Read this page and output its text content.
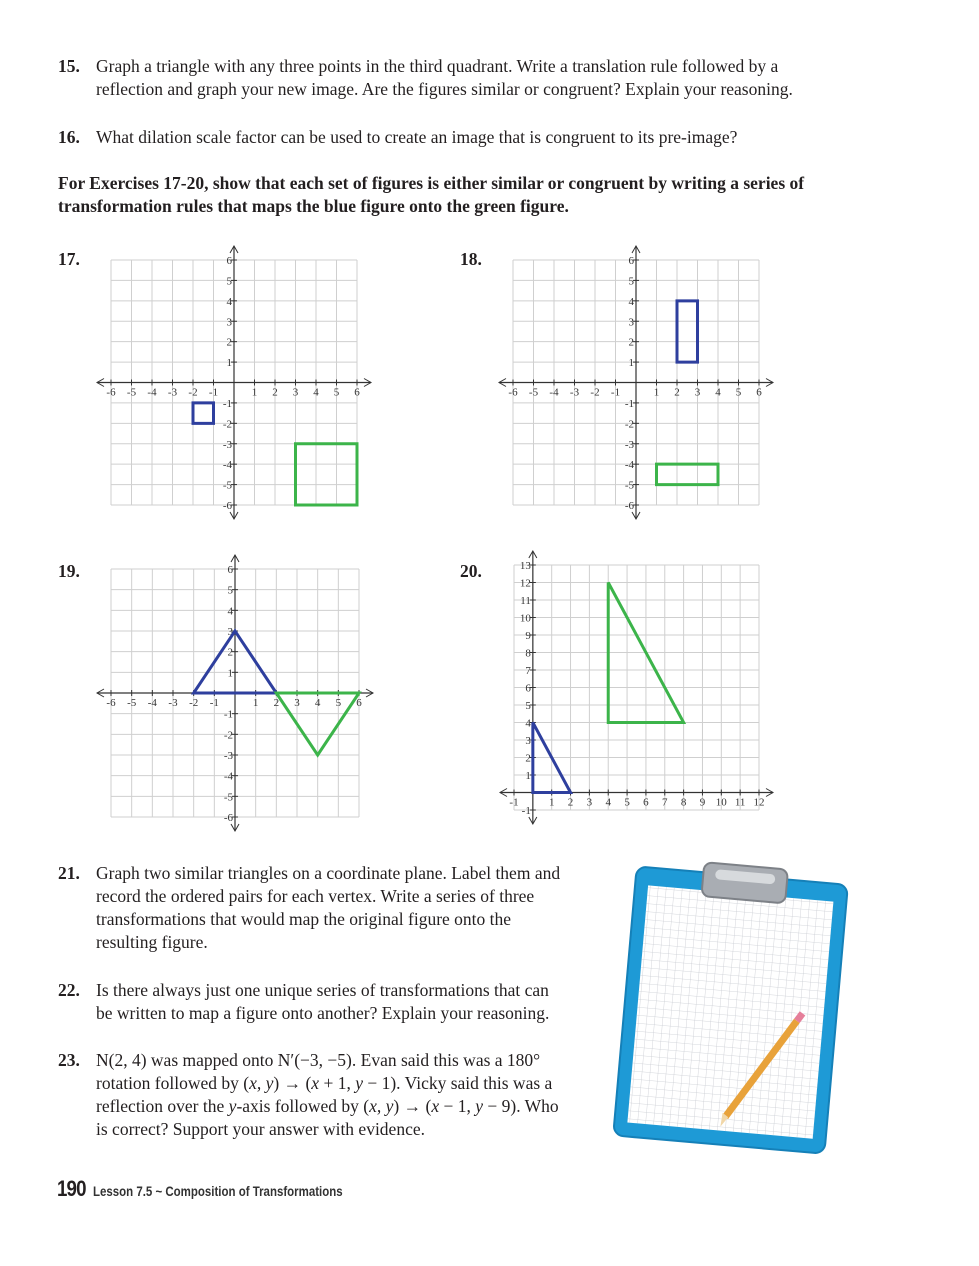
15. Graph a triangle with any three points in the third quadrant. Write a translation rule followed by a
reflection and graph your new image. Are the figures similar or congruent? Explain your reasoning.
16. What dilation scale factor can be used to create an image that is congruent to its pre-image?
For Exercises 17-20, show that each set of figures is either similar or congruent by writing a series of
transformation rules that maps the blue figure onto the green figure.
17.	18.
19.	20.
-6 -5 -4 -3 -2 -1	1 2 3 4 5 6
-6
-5
-4
-3
-2
-1
1
2
3
4
5
6
-6 -5 -4 -3 -2 -1	1 2 3 4 5 6
-6
-5
-4
-3
-2
-1
1
2
3
4
5
6
-6 -5 -4 -3 -2 -1	1 2 3 4 5 6
-6
-5
-4
-3
-2
-1
1
2
3
4
5
6
-1	1 2 3 4 5 6 7 8 9 10 11 12
-1
1
2
3
4
5
6
7
8
9
10
11
12
13
21. Graph two similar triangles on a coordinate plane. Label them and
record the ordered pairs for each vertex. Write a series of three
transformations that would map the original figure onto the
resulting figure.
22. Is there always just one unique series of transformations that can
be written to map a figure onto another? Explain your reasoning.
23. N(2, 4) was mapped onto N′(−3, −5). Evan said this was a 180°
rotation followed by (x, y) → (x + 1, y − 1). Vicky said this was a
reflection over the y-axis followed by (x, y) → (x − 1, y − 9). Who
is correct? Support your answer with evidence.
190 Lesson 7.5 ~ Composition of Transformations
